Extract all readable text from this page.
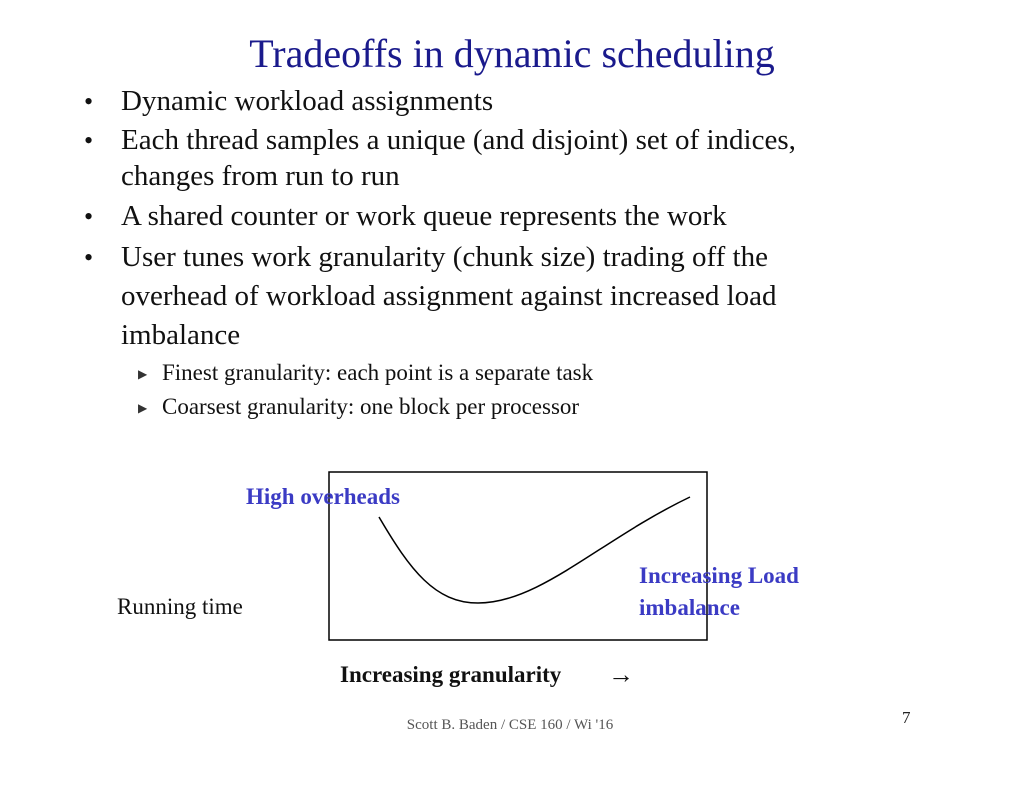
Tradeoffs in dynamic scheduling
• Dynamic workload assignments
• Each thread samples a unique (and disjoint) set of indices,
changes from run to run
• A shared counter or work queue represents the work
• User tunes work granularity (chunk size) trading off the
overhead of workload assignment against increased load
imbalance
▶ Finest granularity: each point is a separate task
▶ Coarsest granularity: one block per processor
High overheads
Increasing Load
imbalance
Running time
Increasing granularity →
Scott B. Baden / CSE 160 / Wi '16	7
